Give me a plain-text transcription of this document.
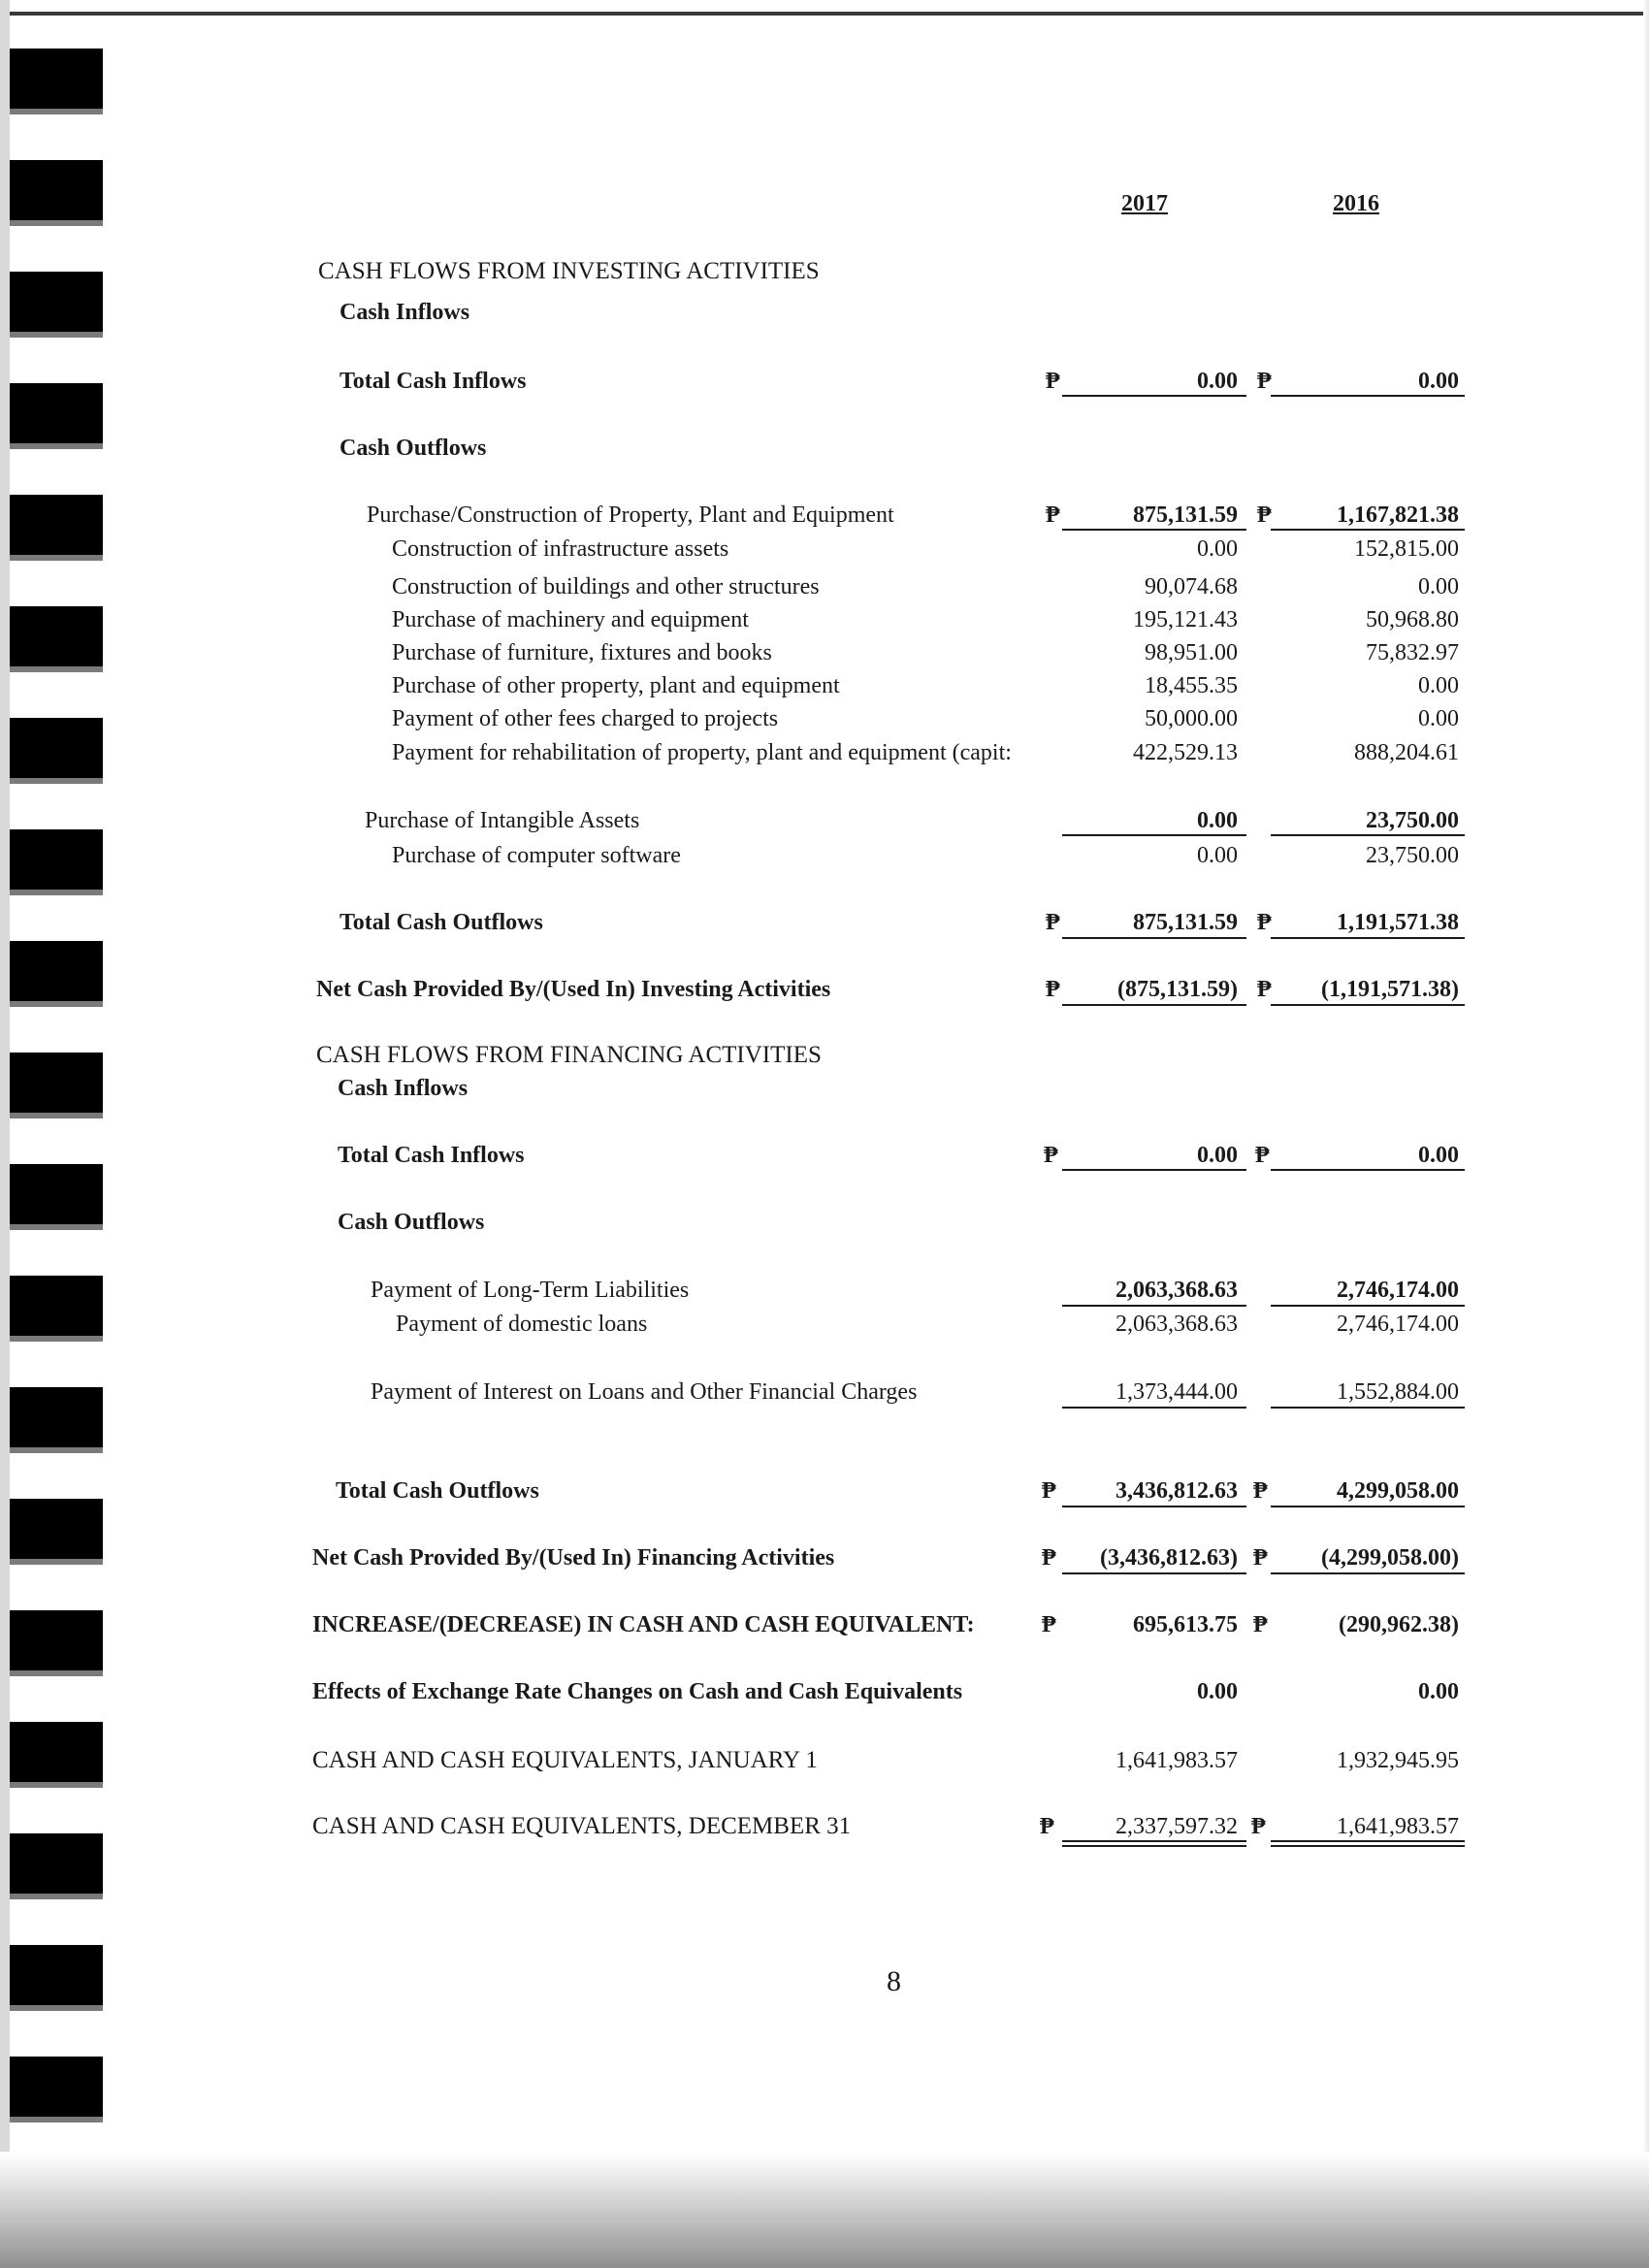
2017	2016
CASH FLOWS FROM INVESTING ACTIVITIES
Cash Inflows
Total Cash Inflows	₱	0.00 ₱	0.00
Cash Outflows
Purchase/Construction of Property, Plant and Equipment	₱	875,131.59 ₱	1,167,821.38
Construction of infrastructure assets	0.00	152,815.00
Construction of buildings and other structures	90,074.68	0.00
Purchase of machinery and equipment	195,121.43	50,968.80
Purchase of furniture, fixtures and books	98,951.00	75,832.97
Purchase of other property, plant and equipment	18,455.35	0.00
Payment of other fees charged to projects	50,000.00	0.00
Payment for rehabilitation of property, plant and equipment (capit:	422,529.13	888,204.61
Purchase of Intangible Assets	0.00	23,750.00
Purchase of computer software	0.00	23,750.00
Total Cash Outflows	₱	875,131.59 ₱	1,191,571.38
Net Cash Provided By/(Used In) Investing Activities	₱	(875,131.59) ₱	(1,191,571.38)
CASH FLOWS FROM FINANCING ACTIVITIES
Cash Inflows
Total Cash Inflows	₱	0.00 ₱	0.00
Cash Outflows
Payment of Long-Term Liabilities	2,063,368.63	2,746,174.00
Payment of domestic loans	2,063,368.63	2,746,174.00
Payment of Interest on Loans and Other Financial Charges	1,373,444.00	1,552,884.00
Total Cash Outflows	₱	3,436,812.63 ₱	4,299,058.00
Net Cash Provided By/(Used In) Financing Activities	₱	(3,436,812.63) ₱	(4,299,058.00)
INCREASE/(DECREASE) IN CASH AND CASH EQUIVALENT:	₱	695,613.75 ₱	(290,962.38)
Effects of Exchange Rate Changes on Cash and Cash Equivalents	0.00	0.00
CASH AND CASH EQUIVALENTS, JANUARY 1	1,641,983.57	1,932,945.95
CASH AND CASH EQUIVALENTS, DECEMBER 31	₱	2,337,597.32 ₱	1,641,983.57
8
